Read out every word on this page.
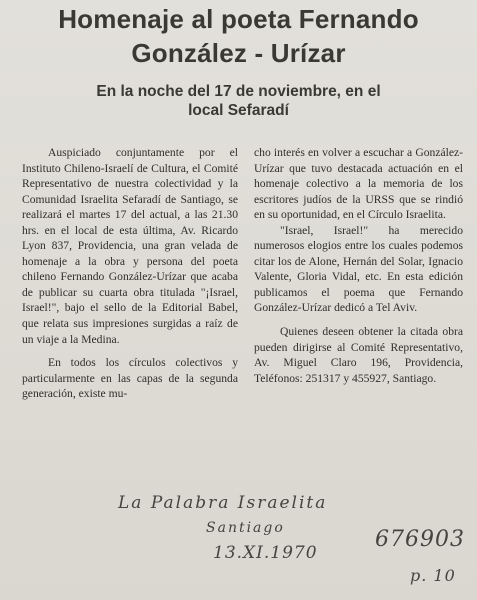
Homenaje al poeta Fernando
González - Urízar
En la noche del 17 de noviembre, en el
local Sefaradí

Auspiciado conjuntamente por el Instituto Chileno-Israelí de Cultura, el Comité Representativo de nuestra colectividad y la Comunidad Israelita Sefaradí de Santiago, se realizará el martes 17 del actual, a las 21.30 hrs. en el local de esta última, Av. Ricardo Lyon 837, Providencia, una gran velada de homenaje a la obra y persona del poeta chileno Fernando González-Urízar que acaba de publicar su cuarta obra titulada "¡Israel, Israel!", bajo el sello de la Editorial Babel, que relata sus impresiones surgidas a raíz de un viaje a la Medina.

En todos los círculos colectivos y particularmente en las capas de la segunda generación, existe mu-

cho interés en volver a escuchar a González-Urízar que tuvo destacada actuación en el homenaje colectivo a la memoria de los escritores judíos de la URSS que se rindió en su oportunidad, en el Círculo Israelita.

"Israel, Israel!" ha merecido numerosos elogios entre los cuales podemos citar los de Alone, Hernán del Solar, Ignacio Valente, Gloria Vidal, etc. En esta edición publicamos el poema que Fernando González-Urízar dedicó a Tel Aviv.

Quienes deseen obtener la citada obra pueden dirigirse al Comité Representativo, Av. Miguel Claro 196, Providencia, Teléfonos: 251317 y 455927, Santiago.

La Palabra Israelita
Santiago
13.XI.1970
676903
p. 10
